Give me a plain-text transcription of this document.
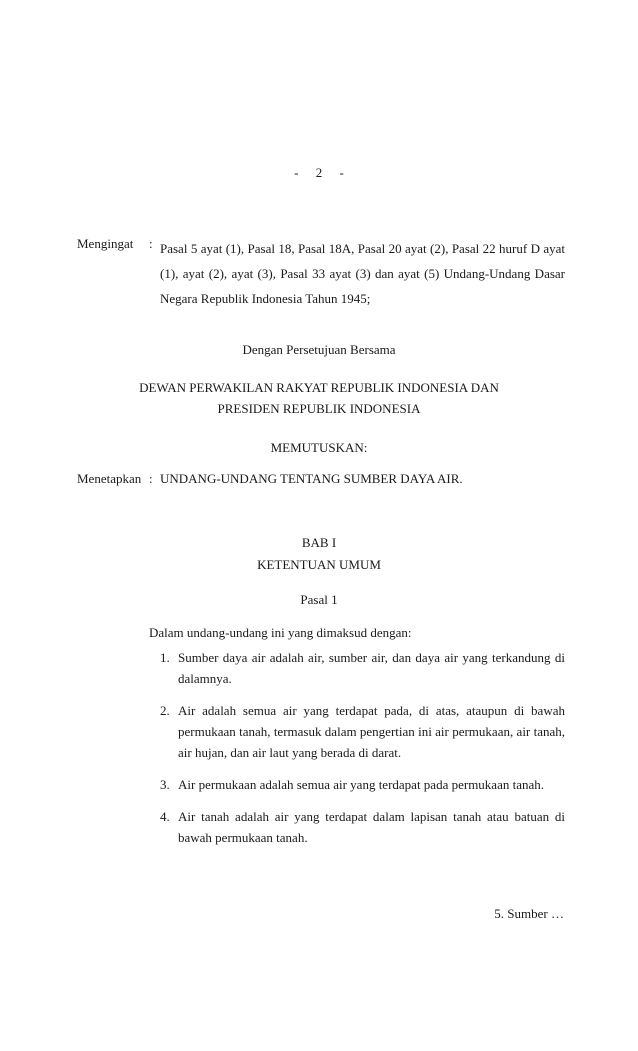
- 2 -
Mengingat : Pasal 5 ayat (1), Pasal 18, Pasal 18A, Pasal 20 ayat (2), Pasal 22 huruf D ayat (1), ayat (2), ayat (3), Pasal 33 ayat (3) dan ayat (5) Undang-Undang Dasar Negara Republik Indonesia Tahun 1945;
Dengan Persetujuan Bersama
DEWAN PERWAKILAN RAKYAT REPUBLIK INDONESIA DAN
PRESIDEN REPUBLIK INDONESIA
MEMUTUSKAN:
Menetapkan : UNDANG-UNDANG TENTANG SUMBER DAYA AIR.
BAB I
KETENTUAN UMUM
Pasal 1
Dalam undang-undang ini yang dimaksud dengan:
1. Sumber daya air adalah air, sumber air, dan daya air yang terkandung di dalamnya.
2. Air adalah semua air yang terdapat pada, di atas, ataupun di bawah permukaan tanah, termasuk dalam pengertian ini air permukaan, air tanah, air hujan, dan air laut yang berada di darat.
3. Air permukaan adalah semua air yang terdapat pada permukaan tanah.
4. Air tanah adalah air yang terdapat dalam lapisan tanah atau batuan di bawah permukaan tanah.
5. Sumber …
